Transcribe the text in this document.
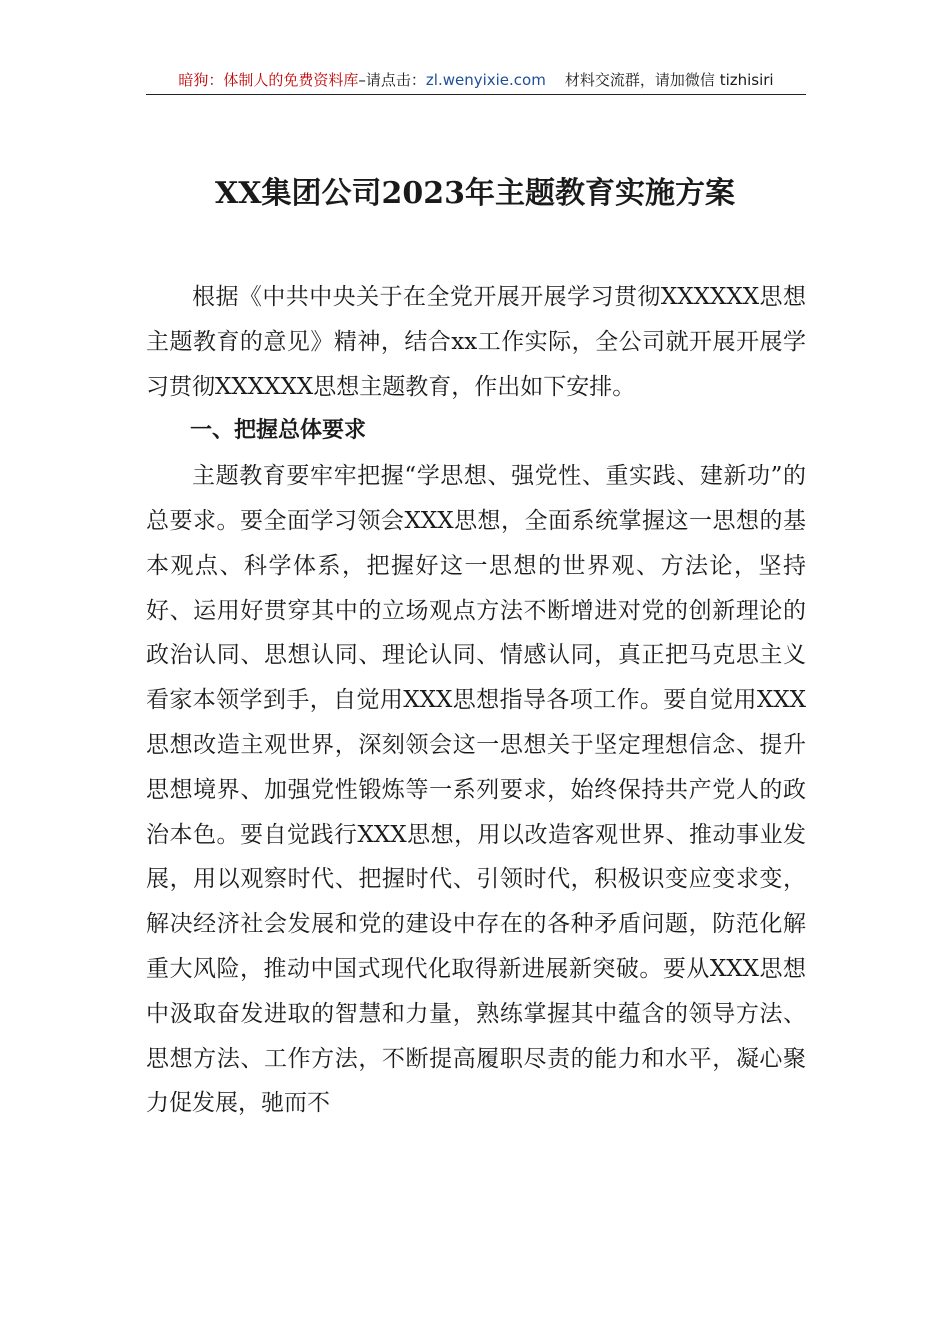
暗狗：体制人的免费资料库–请点击：zl.wenyixie.com 材料交流群，请加微信 tizhisiri
XX集团公司2023年主题教育实施方案

根据《中共中央关于在全党开展开展学习贯彻XXXXXX思想主题教育的意见》精神，结合xx工作实际，全公司就开展开展学习贯彻XXXXXX思想主题教育，作出如下安排。

一、把握总体要求

主题教育要牢牢把握“学思想、强党性、重实践、建新功”的总要求。要全面学习领会XXX思想，全面系统掌握这一思想的基本观点、科学体系，把握好这一思想的世界观、方法论，坚持好、运用好贯穿其中的立场观点方法不断增进对党的创新理论的政治认同、思想认同、理论认同、情感认同，真正把马克思主义看家本领学到手，自觉用XXX思想指导各项工作。要自觉用XXX思想改造主观世界，深刻领会这一思想关于坚定理想信念、提升思想境界、加强党性锻炼等一系列要求，始终保持共产党人的政治本色。要自觉践行XXX思想，用以改造客观世界、推动事业发展，用以观察时代、把握时代、引领时代，积极识变应变求变，解决经济社会发展和党的建设中存在的各种矛盾问题，防范化解重大风险，推动中国式现代化取得新进展新突破。要从XXX思想中汲取奋发进取的智慧和力量，熟练掌握其中蕴含的领导方法、思想方法、工作方法，不断提高履职尽责的能力和水平，凝心聚力促发展，驰而不
